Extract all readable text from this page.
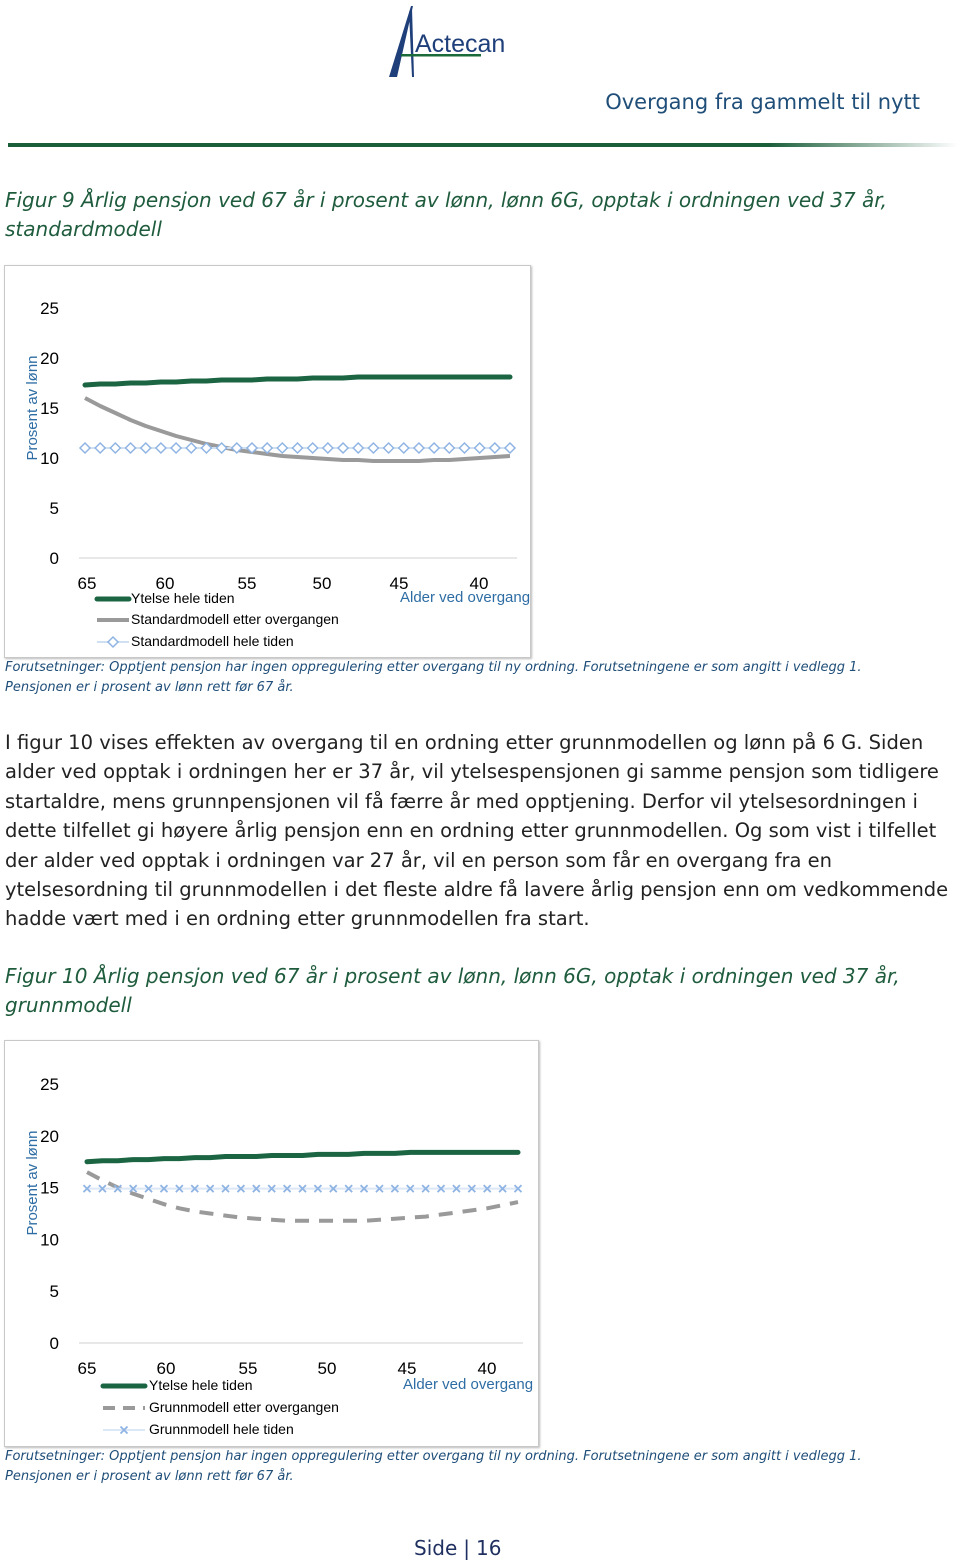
Actecan
Overgang fra gammelt til nytt
Figur 9 Årlig pensjon ved 67 år i prosent av lønn, lønn 6G, opptak i ordningen ved 37 år, standardmodell
0
5
10
15
20
25
Prosent av lønn
65	60	55	50	45	40
Alder ved overgang
Ytelse hele tiden
Standardmodell etter overgangen
Standardmodell hele tiden
Forutsetninger: Opptjent pensjon har ingen oppregulering etter overgang til ny ordning. Forutsetningene er som angitt i vedlegg 1.
Pensjonen er i prosent av lønn rett før 67 år.
I figur 10 vises effekten av overgang til en ordning etter grunnmodellen og lønn på 6 G. Siden alder ved opptak i ordningen her er 37 år, vil ytelsespensjonen gi samme pensjon som tidligere startaldre, mens grunnpensjonen vil få færre år med opptjening. Derfor vil ytelsesordningen i dette tilfellet gi høyere årlig pensjon enn en ordning etter grunnmodellen. Og som vist i tilfellet der alder ved opptak i ordningen var 27 år, vil en person som får en overgang fra en ytelsesordning til grunnmodellen i det fleste aldre få lavere årlig pensjon enn om vedkommende hadde vært med i en ordning etter grunnmodellen fra start.
Figur 10 Årlig pensjon ved 67 år i prosent av lønn, lønn 6G, opptak i ordningen ved 37 år, grunnmodell
0
5
10
15
20
25
Prosent av lønn
65	60	55	50	45	40
Alder ved overgang
Ytelse hele tiden
Grunnmodell etter overgangen
Grunnmodell hele tiden
Forutsetninger: Opptjent pensjon har ingen oppregulering etter overgang til ny ordning. Forutsetningene er som angitt i vedlegg 1.
Pensjonen er i prosent av lønn rett før 67 år.
Side | 16
